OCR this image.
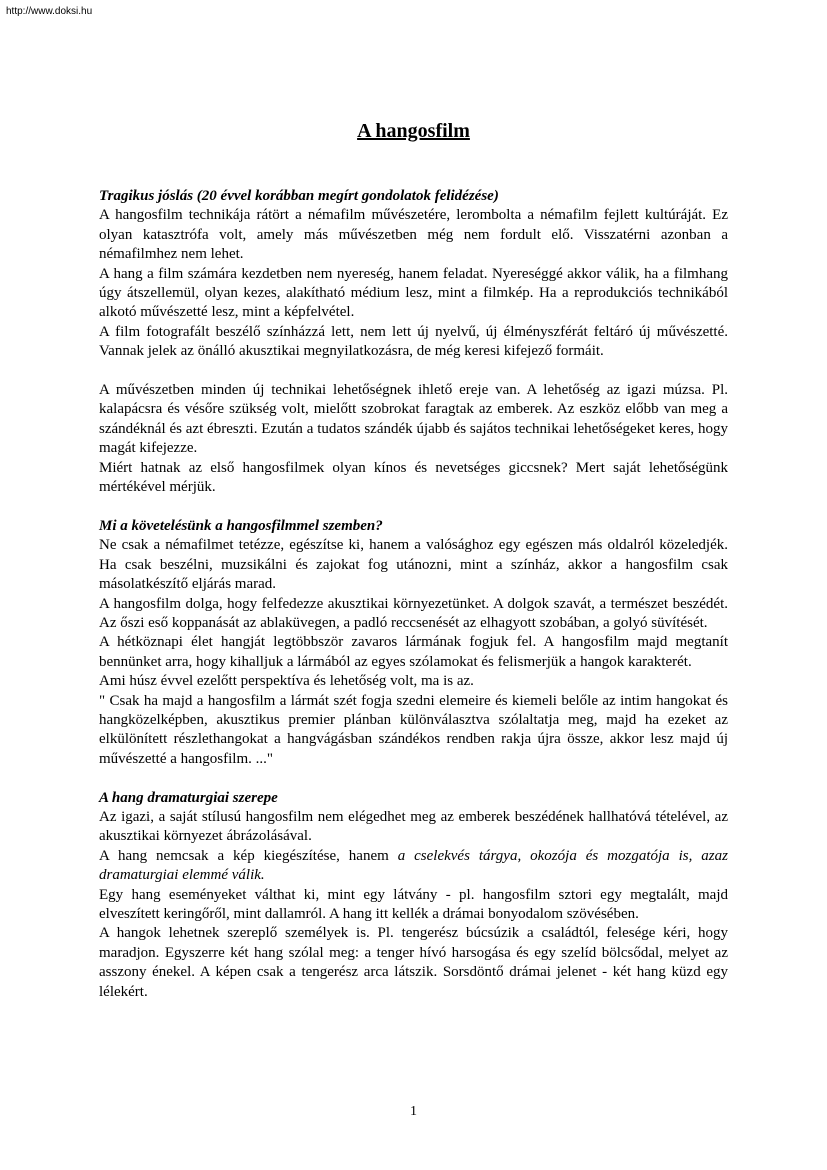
http://www.doksi.hu
A hangosfilm

Tragikus jóslás (20 évvel korábban megírt gondolatok felidézése)

A hangosfilm technikája rátört a némafilm művészetére, lerombolta a némafilm fejlett kultúráját. Ez olyan katasztrófa volt, amely más művészetben még nem fordult elő. Visszatérni azonban a némafilmhez nem lehet.

A hang a film számára kezdetben nem nyereség, hanem feladat. Nyereséggé akkor válik, ha a filmhang úgy átszellemül, olyan kezes, alakítható médium lesz, mint a filmkép. Ha a reprodukciós technikából alkotó művészetté lesz, mint a képfelvétel.

A film fotografált beszélő színházzá lett, nem lett új nyelvű, új élményszférát feltáró új művészetté. Vannak jelek az önálló akusztikai megnyilatkozásra, de még keresi kifejező formáit.

A művészetben minden új technikai lehetőségnek ihlető ereje van. A lehetőség az igazi múzsa. Pl. kalapácsra és vésőre szükség volt, mielőtt szobrokat faragtak az emberek. Az eszköz előbb van meg a szándéknál és azt ébreszti. Ezután a tudatos szándék újabb és sajátos technikai lehetőségeket keres, hogy magát kifejezze.

Miért hatnak az első hangosfilmek olyan kínos és nevetséges giccsnek? Mert saját lehetőségünk mértékével mérjük.

Mi a követelésünk a hangosfilmmel szemben?

Ne csak a némafilmet tetézze, egészítse ki, hanem a valósághoz egy egészen más oldalról közeledjék. Ha csak beszélni, muzsikálni és zajokat fog utánozni, mint a színház, akkor a hangosfilm csak másolatkészítő eljárás marad.

A hangosfilm dolga, hogy felfedezze akusztikai környezetünket. A dolgok szavát, a természet beszédét. Az őszi eső koppanását az ablaküvegen, a padló reccsenését az elhagyott szobában, a golyó süvítését.

A hétköznapi élet hangját legtöbbször zavaros lármának fogjuk fel. A hangosfilm majd megtanít bennünket arra, hogy kihalljuk a lármából az egyes szólamokat és felismerjük a hangok karakterét.

Ami húsz évvel ezelőtt perspektíva és lehetőség volt, ma is az.

" Csak ha majd a hangosfilm a lármát szét fogja szedni elemeire és kiemeli belőle az intim hangokat és hangközelképben, akusztikus premier plánban különválasztva szólaltatja meg, majd ha ezeket az elkülönített részlethangokat a hangvágásban szándékos rendben rakja újra össze, akkor lesz majd új művészetté a hangosfilm. ..."

A hang dramaturgiai szerepe

Az igazi, a saját stílusú hangosfilm nem elégedhet meg az emberek beszédének hallhatóvá tételével, az akusztikai környezet ábrázolásával.

A hang nemcsak a kép kiegészítése, hanem a cselekvés tárgya, okozója és mozgatója is, azaz dramaturgiai elemmé válik.

Egy hang eseményeket válthat ki, mint egy látvány - pl. hangosfilm sztori egy megtalált, majd elveszített keringőről, mint dallamról. A hang itt kellék a drámai bonyodalom szövésében.

A hangok lehetnek szereplő személyek is. Pl. tengerész búcsúzik a családtól, felesége kéri, hogy maradjon. Egyszerre két hang szólal meg: a tenger hívó harsogása és egy szelíd bölcsődal, melyet az asszony énekel. A képen csak a tengerész arca látszik. Sorsdöntő drámai jelenet - két hang küzd egy lélekért.

1
